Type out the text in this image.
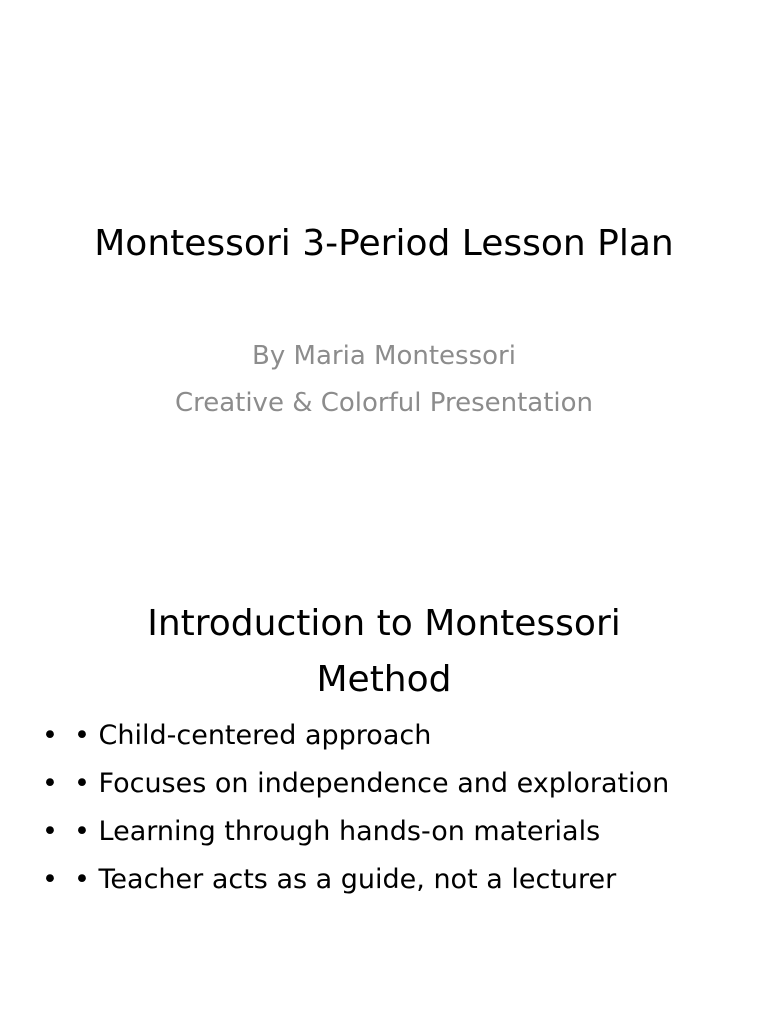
Montessori 3-Period Lesson Plan
By Maria Montessori
Creative & Colorful Presentation
Introduction to Montessori
Method
• • Child-centered approach
• • Focuses on independence and exploration
• • Learning through hands-on materials
• • Teacher acts as a guide, not a lecturer
